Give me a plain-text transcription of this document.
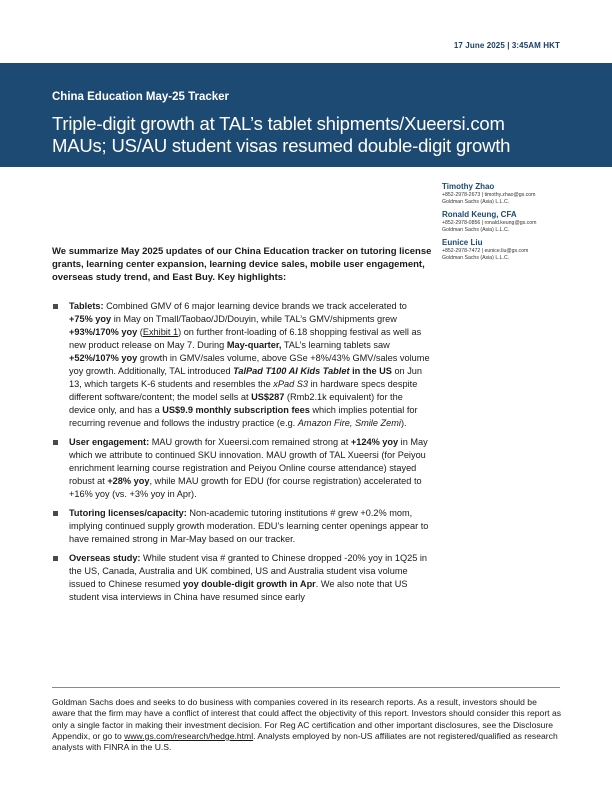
17 June 2025 | 3:45AM HKT
China Education May-25 Tracker
Triple-digit growth at TAL’s tablet shipments/Xueersi.com
MAUs; US/AU student visas resumed double-digit growth
Timothy Zhao
+852-2978-2673 | timothy.zhao@gs.com
Goldman Sachs (Asia) L.L.C.
Ronald Keung, CFA
+852-2978-0856 | ronald.keung@gs.com
Goldman Sachs (Asia) L.L.C.
Eunice Liu
+852-2978-7472 | eunice.liu@gs.com
Goldman Sachs (Asia) L.L.C.
We summarize May 2025 updates of our China Education tracker on tutoring license grants, learning center expansion, learning device sales, mobile user engagement, overseas study trend, and East Buy. Key highlights:
Tablets: Combined GMV of 6 major learning device brands we track accelerated to +75% yoy in May on Tmall/Taobao/JD/Douyin, while TAL’s GMV/shipments grew +93%/170% yoy (Exhibit 1) on further front-loading of 6.18 shopping festival as well as new product release on May 7. During May-quarter, TAL’s learning tablets saw +52%/107% yoy growth in GMV/sales volume, above GSe +8%/43% GMV/sales volume yoy growth. Additionally, TAL introduced TalPad T100 AI Kids Tablet in the US on Jun 13, which targets K-6 students and resembles the xPad S3 in hardware specs despite different software/content; the model sells at US$287 (Rmb2.1k equivalent) for the device only, and has a US$9.9 monthly subscription fees which implies potential for recurring revenue and follows the industry practice (e.g. Amazon Fire, Smile Zemi).
User engagement: MAU growth for Xueersi.com remained strong at +124% yoy in May which we attribute to continued SKU innovation. MAU growth of TAL Xueersi (for Peiyou enrichment learning course registration and Peiyou Online course attendance) stayed robust at +28% yoy, while MAU growth for EDU (for course registration) accelerated to +16% yoy (vs. +3% yoy in Apr).
Tutoring licenses/capacity: Non-academic tutoring institutions # grew +0.2% mom, implying continued supply growth moderation. EDU’s learning center openings appear to have remained strong in Mar-May based on our tracker.
Overseas study: While student visa # granted to Chinese dropped -20% yoy in 1Q25 in the US, Canada, Australia and UK combined, US and Australia student visa volume issued to Chinese resumed yoy double-digit growth in Apr. We also note that US student visa interviews in China have resumed since early
Goldman Sachs does and seeks to do business with companies covered in its research reports. As a result, investors should be aware that the firm may have a conflict of interest that could affect the objectivity of this report. Investors should consider this report as only a single factor in making their investment decision. For Reg AC certification and other important disclosures, see the Disclosure Appendix, or go to www.gs.com/research/hedge.html. Analysts employed by non-US affiliates are not registered/qualified as research analysts with FINRA in the U.S.
